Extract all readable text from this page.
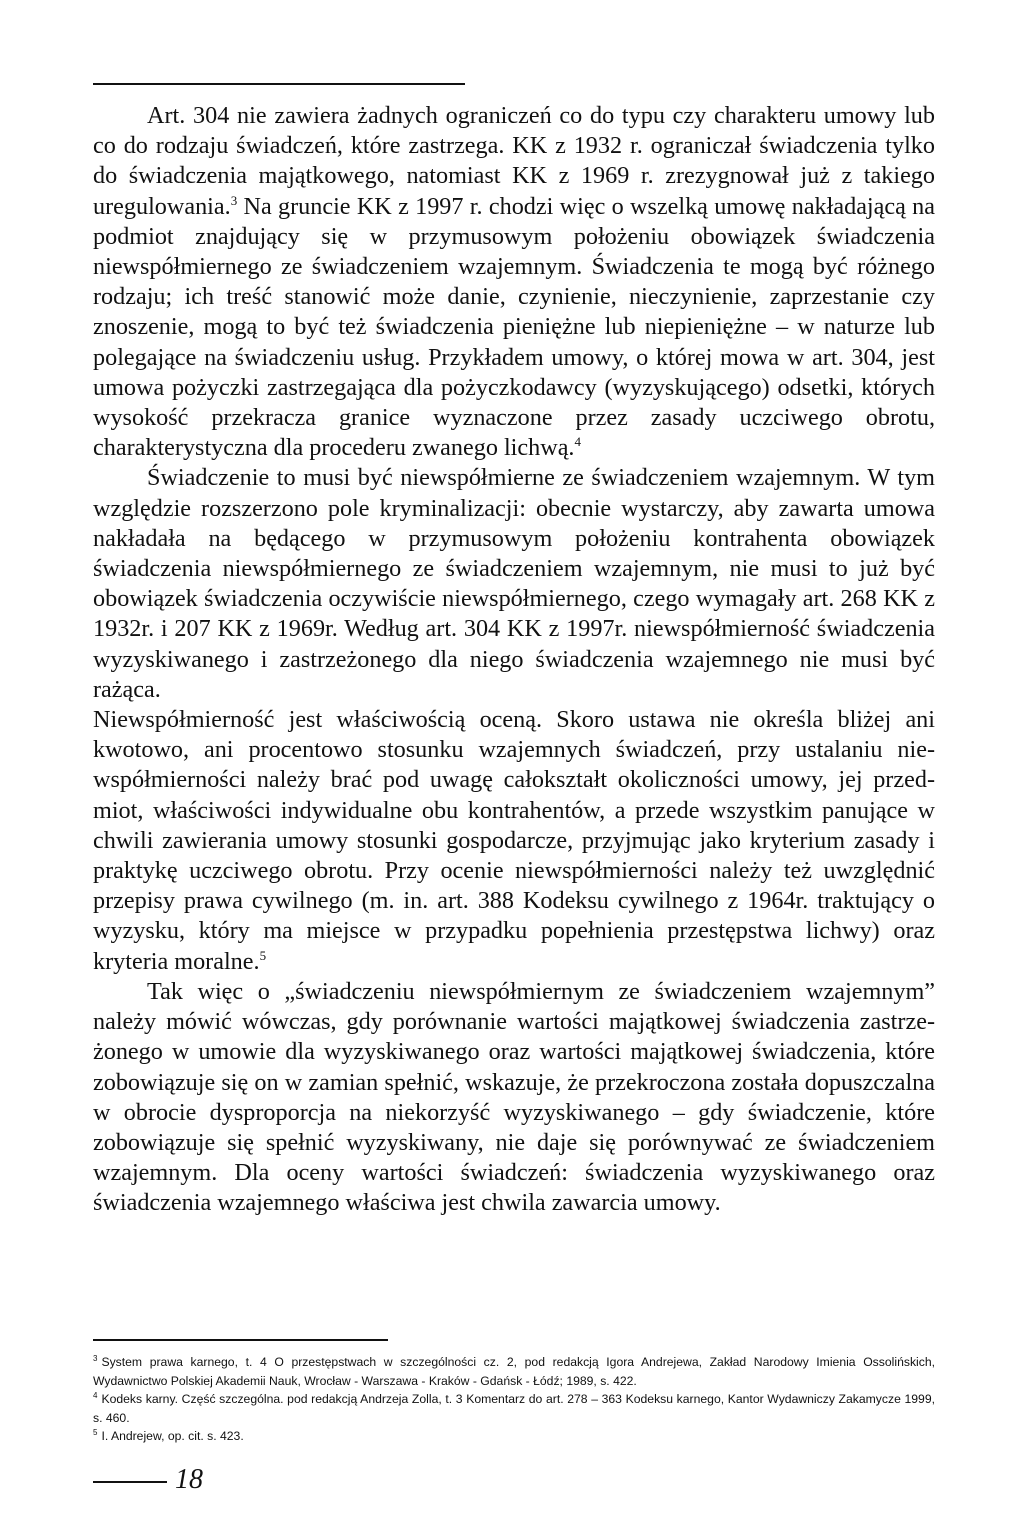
Art. 304 nie zawiera żadnych ograniczeń co do typu czy charakteru umowy lub co do rodzaju świadczeń, które zastrzega. KK z 1932 r. ograniczał świadczenia tylko do świadczenia majątkowego, natomiast KK z 1969 r. zrezygnował już z takiego uregulowania.$^3$ Na gruncie KK z 1997 r. chodzi więc o wszelką umowę nakładającą na podmiot znajdujący się w przymusowym położeniu obowiązek świadczenia niewspółmiernego ze świadczeniem wzajemnym. Świadczenia te mogą być różnego rodzaju; ich treść stanowić może danie, czynienie, nieczynienie, zaprzestanie czy znoszenie, mogą to być też świadczenia pieniężne lub niepieniężne – w naturze lub polegające na świadczeniu usług. Przykładem umowy, o której mowa w art. 304, jest umowa pożyczki zastrzegająca dla pożyczkodawcy (wyzyskującego) odsetki, których wysokość przekracza granice wyznaczone przez zasady uczciwego obrotu, charakterystyczna dla procederu zwanego lichwą.$^4$

Świadczenie to musi być niewspółmierne ze świadczeniem wzajemnym. W tym względzie rozszerzono pole kryminalizacji: obecnie wystarczy, aby zawarta umowa nakładała na będącego w przymusowym położeniu kontrahenta obowiązek świadczenia niewspółmiernego ze świadczeniem wzajemnym, nie musi to już być obowiązek świadczenia oczywiście niewspółmiernego, czego wymagały art. 268 KK z 1932r. i 207 KK z 1969r. Według art. 304 KK z 1997r. niewspółmierność świadczenia wyzyskiwanego i zastrzeżonego dla niego świadczenia wzajemnego nie musi być rażąca.

Niewspółmierność jest właściwością oceną. Skoro ustawa nie określa bliżej ani kwotowo, ani procentowo stosunku wzajemnych świadczeń, przy ustalaniu niewspółmierności należy brać pod uwagę całokształt okoliczności umowy, jej przedmiot, właściwości indywidualne obu kontrahentów, a przede wszystkim panujące w chwili zawierania umowy stosunki gospodarcze, przyjmując jako kryterium zasady i praktykę uczciwego obrotu. Przy ocenie niewspółmierności należy też uwzględnić przepisy prawa cywilnego (m. in. art. 388 Kodeksu cywilnego z 1964r. traktujący o wyzysku, który ma miejsce w przypadku popełnienia przestępstwa lichwy) oraz kryteria moralne.$^5$

Tak więc o „świadczeniu niewspółmiernym ze świadczeniem wzajemnym” należy mówić wówczas, gdy porównanie wartości majątkowej świadczenia zastrzeżonego w umowie dla wyzyskiwanego oraz wartości majątkowej świadczenia, które zobowiązuje się on w zamian spełnić, wskazuje, że przekroczona została dopuszczalna w obrocie dysproporcja na niekorzyść wyzyskiwanego – gdy świadczenie, które zobowiązuje się spełnić wyzyskiwany, nie daje się porównywać ze świadczeniem wzajemnym. Dla oceny wartości świadczeń: świadczenia wyzyskiwanego oraz świadczenia wzajemnego właściwa jest chwila zawarcia umowy.

$^3$ System prawa karnego, t. 4 O przestępstwach w szczególności cz. 2, pod redakcją Igora Andrejewa, Zakład Narodowy Imienia Ossolińskich, Wydawnictwo Polskiej Akademii Nauk, Wrocław - Warszawa - Kraków - Gdańsk - Łódź; 1989, s. 422.

$^4$ Kodeks karny. Część szczególna. pod redakcją Andrzeja Zolla, t. 3 Komentarz do art. 278 – 363 Kodeksu karnego, Kantor Wydawniczy Zakamycze 1999, s. 460.

$^5$ I. Andrejew, op. cit. s. 423.

18
